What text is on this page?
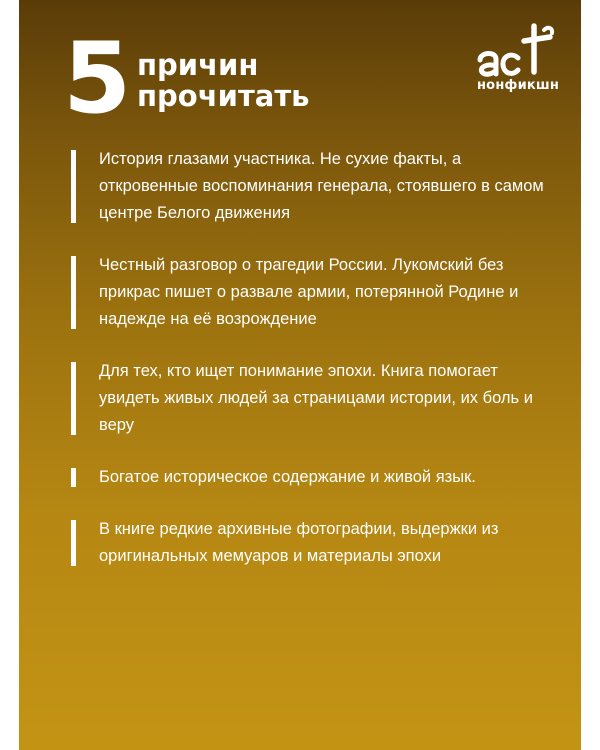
5 причин
прочитать	нонфикшн
История глазами участника. Не сухие факты, а откровенные воспоминания генерала, стоявшего в самом центре Белого движения
Честный разговор о трагедии России. Лукомский без прикрас пишет о развале армии, потерянной Родине и надежде на её возрождение
Для тех, кто ищет понимание эпохи. Книга помогает увидеть живых людей за страницами истории, их боль и веру
Богатое историческое содержание и живой язык.
В книге редкие архивные фотографии, выдержки из оригинальных мемуаров и материалы эпохи
